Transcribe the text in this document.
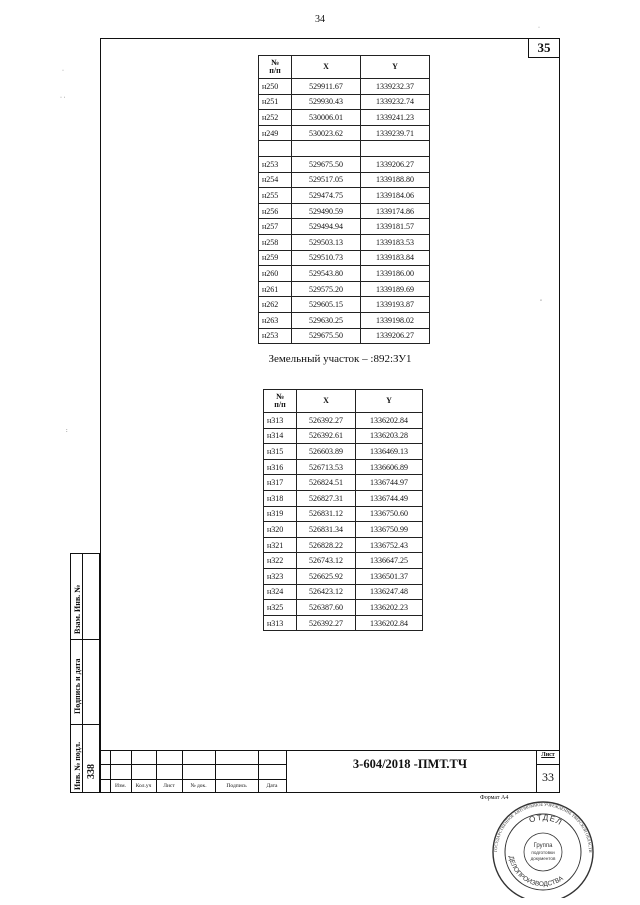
34
·
·
· ·
:
◦
35
№
п/п	X	Y
н250	529911.67	1339232.37
н251	529930.43	1339232.74
н252	530006.01	1339241.23
н249	530023.62	1339239.71

н253	529675.50	1339206.27
н254	529517.05	1339188.80
н255	529474.75	1339184.06
н256	529490.59	1339174.86
н257	529494.94	1339181.57
н258	529503.13	1339183.53
н259	529510.73	1339183.84
н260	529543.80	1339186.00
н261	529575.20	1339189.69
н262	529605.15	1339193.87
н263	529630.25	1339198.02
н253	529675.50	1339206.27
Земельный участок – :892:ЗУ1
№
п/п	X	Y
н313	526392.27	1336202.84
н314	526392.61	1336203.28
н315	526603.89	1336469.13
н316	526713.53	1336606.89
н317	526824.51	1336744.97
н318	526827.31	1336744.49
н319	526831.12	1336750.60
н320	526831.34	1336750.99
н321	526828.22	1336752.43
н322	526743.12	1336647.25
н323	526625.92	1336501.37
н324	526423.12	1336247.48
н325	526387.60	1336202.23
н313	526392.27	1336202.84
Взам. Инв. №
Подпись и дата
Инв. № подл. 338
Изм.	Кол.уч	Лист	№ док.	Подпись	Дата
3-604/2018 -ПМТ.ТЧ
Лист
33
Формат А4
ГОСУДАРСТВЕННОЕ АВТОНОМНОЕ УЧРЕЖДЕНИЕ ТВЕРСКОЙ ОБЛАСТИ
ОТДЕЛ
ДЕЛОПРОИЗВОДСТВА
Группа
подготовки
документов
